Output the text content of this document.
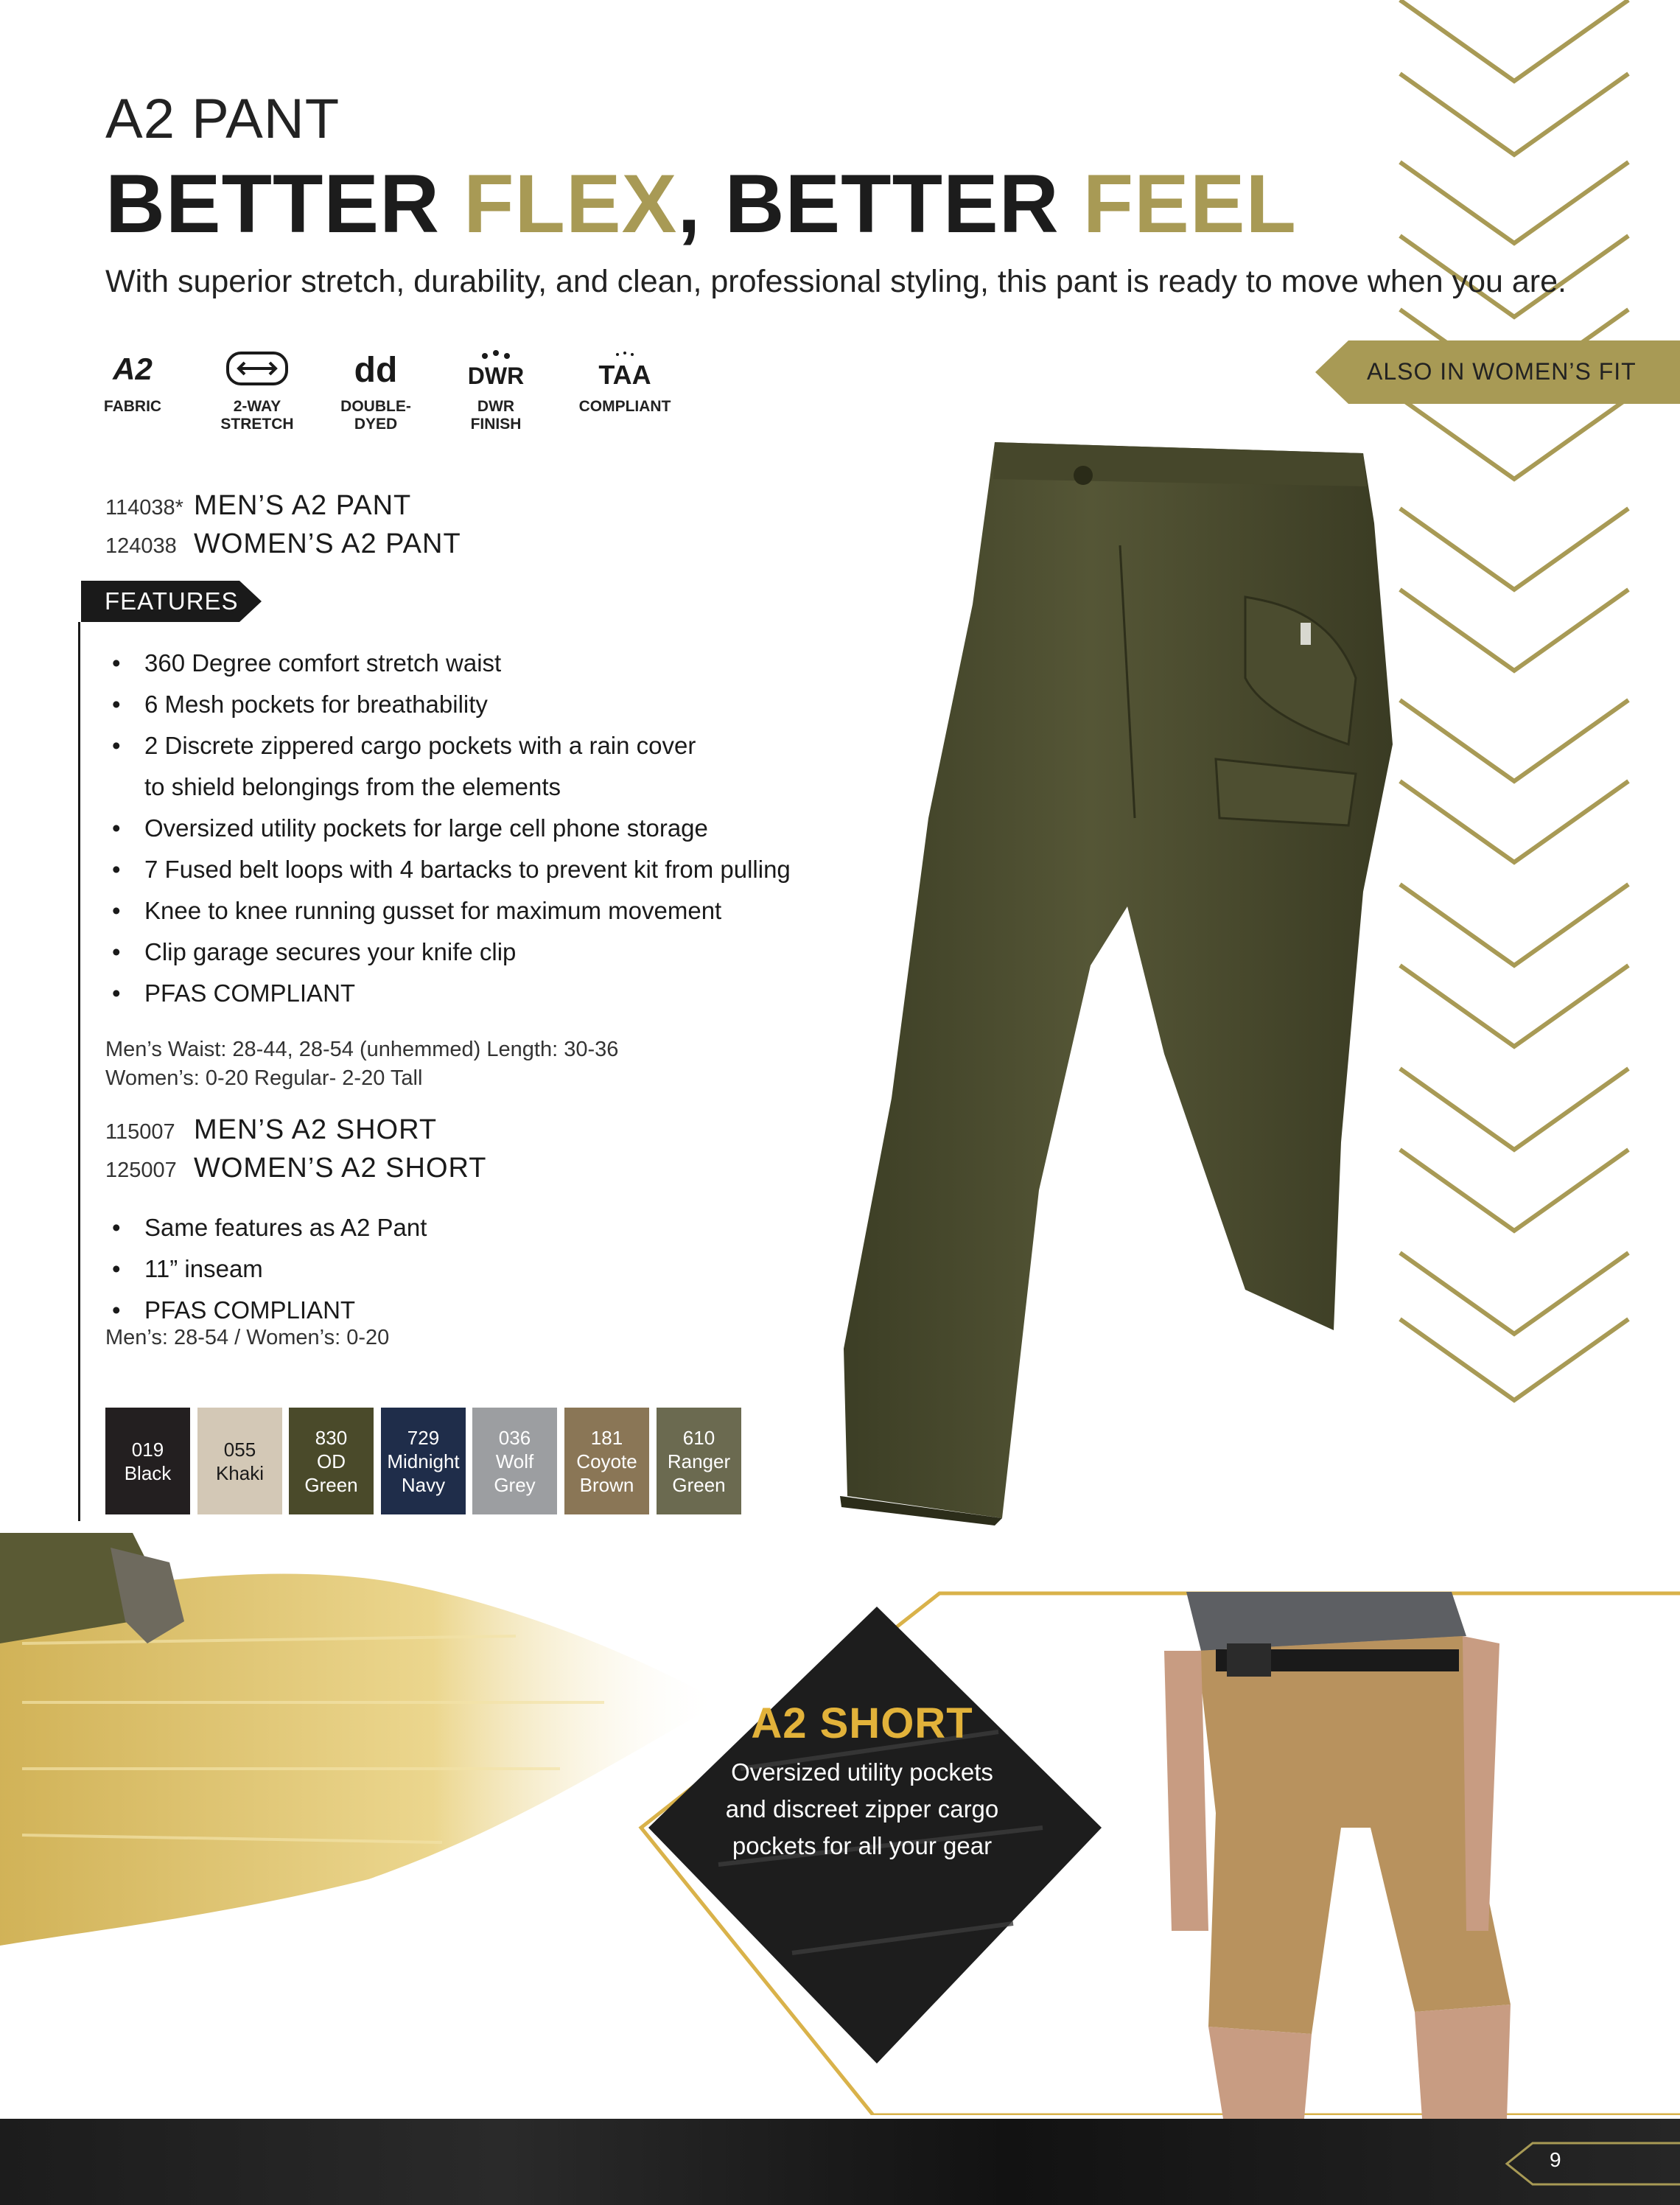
A2 PANT
BETTER FLEX, BETTER FEEL
With superior stretch, durability, and clean, professional styling, this pant is ready to move when you are.
A2
FABRIC	2-WAY
STRETCH
dd
DOUBLE-
DYED
DWR
DWR
FINISH
TAA
COMPLIANT
ALSO IN WOMEN’S FIT
114038* MEN’S A2 PANT
124038 WOMEN’S A2 PANT
FEATURES
• 360 Degree comfort stretch waist
• 6 Mesh pockets for breathability
• 2 Discrete zippered cargo pockets with a rain cover
to shield belongings from the elements
• Oversized utility pockets for large cell phone storage
• 7 Fused belt loops with 4 bartacks to prevent kit from pulling
• Knee to knee running gusset for maximum movement
• Clip garage secures your knife clip
• PFAS COMPLIANT
Men’s Waist: 28-44, 28-54 (unhemmed) Length: 30-36
Women’s: 0-20 Regular- 2-20 Tall
115007 MEN’S A2 SHORT
125007 WOMEN’S A2 SHORT
• Same features as A2 Pant
• 11” inseam
• PFAS COMPLIANT
Men’s: 28-54 / Women’s: 0-20
019
Black
055
Khaki
830
OD
Green
729
Midnight
Navy
036
Wolf
Grey
181
Coyote
Brown
610
Ranger
Green
A2 SHORT
Oversized utility pockets and discreet zipper cargo pockets for all your gear
9
